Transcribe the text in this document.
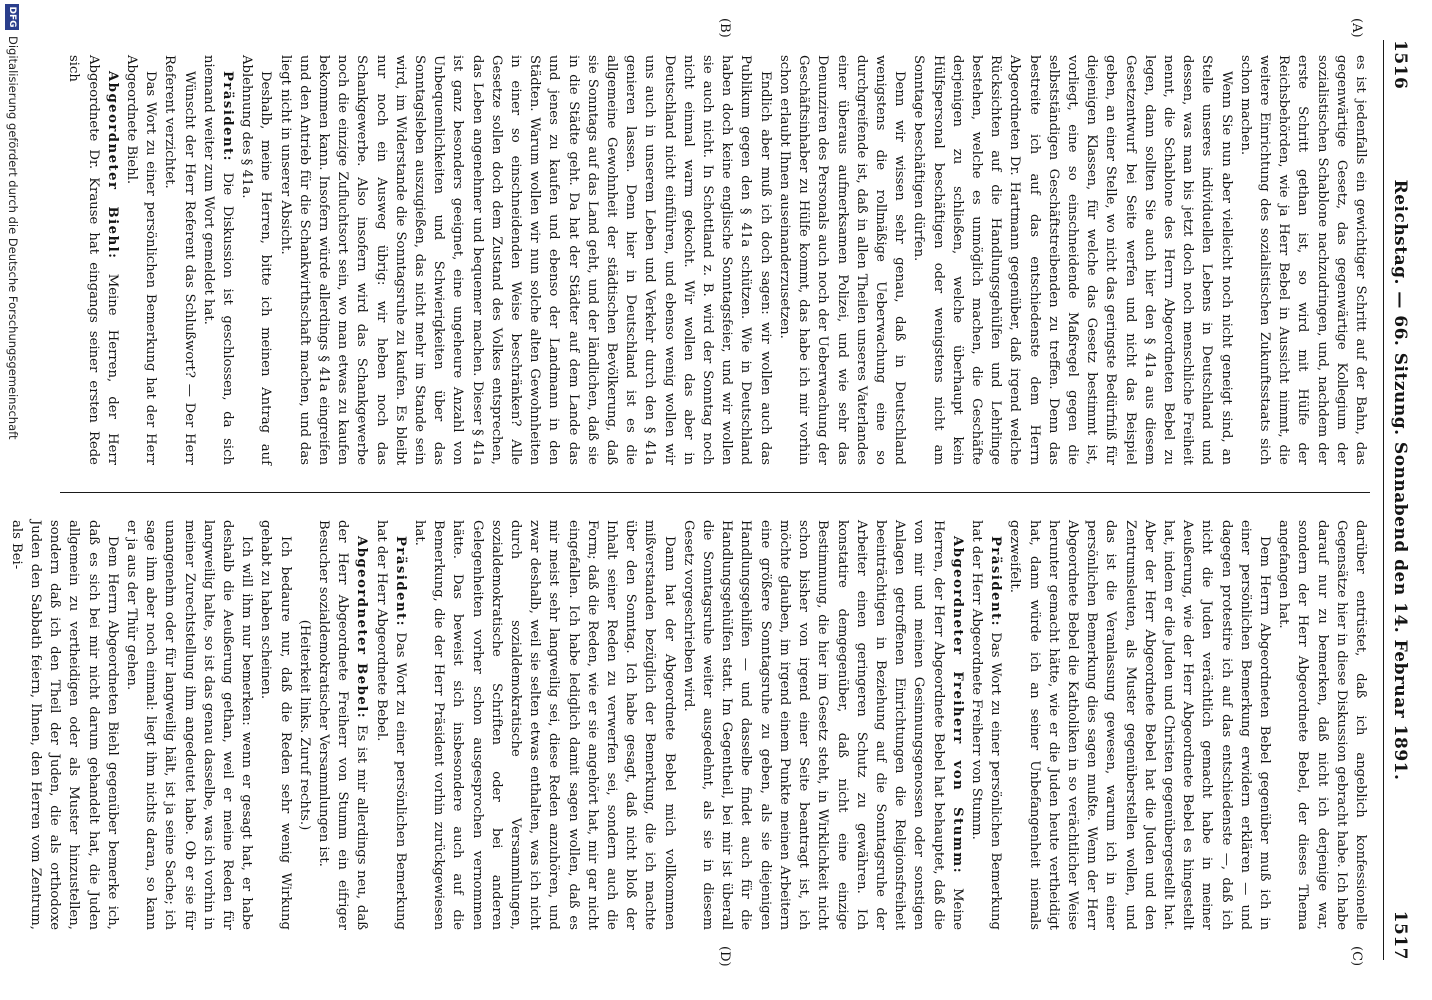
1516
Reichstag. — 66. Sitzung. Sonnabend den 14. Februar 1891.
1517
(A)
(B)
(C)
(D)

es ist jedenfalls ein gewichtiger Schritt auf der Bahn, das gegenwärtige Gesetz, das gegenwärtige Kollegium der sozialistischen Schablone nachzudringen, und, nachdem der erste Schritt gethan ist, so wird mit Hülfe der Reichsbehörden, wie ja Herr Bebel in Aussicht nimmt, die weitere Einrichtung des sozialistischen Zukunftsstaats sich schon machen.

Wenn Sie nun aber vielleicht noch nicht geneigt sind, an Stelle unseres individuellen Lebens in Deutschland und dessen, was man bis jetzt doch noch menschliche Freiheit nennt, die Schablone des Herrn Abgeordneten Bebel zu legen, dann sollten Sie auch hier den § 41a aus diesem Gesetzentwurf bei Seite werfen und nicht das Beispiel geben, an einer Stelle, wo nicht das geringste Bedürfniß für diejenigen Klassen, für welche das Gesetz bestimmt ist, vorliegt, eine so einschneidende Maßregel gegen die selbstständigen Geschäftstreibenden zu treffen. Denn das bestreite ich auf das entschiedenste dem Herrn Abgeordneten Dr. Hartmann gegenüber, daß irgend welche Rücksichten auf die Handlungsgehülfen und Lehrlinge bestehen, welche es unmöglich machen, die Geschäfte derjenigen zu schließen, welche überhaupt kein Hülfspersonal beschäftigen oder wenigstens nicht am Sonntage beschäftigen dürfen.

Denn wir wissen sehr genau, daß in Deutschland wenigstens die rollmäßige Ueberwachung eine so durchgreifende ist, daß in allen Theilen unseres Vaterlandes einer überaus aufmerksamen Polizei, und wie sehr das Denunziren des Personals auch noch der Ueberwachung der Geschäftsinhaber zu Hülfe kommt, das habe ich mir vorhin schon erlaubt Ihnen auseinanderzusetzen.

Endlich aber muß ich doch sagen: wir wollen auch das Publikum gegen den § 41a schützen. Wie in Deutschland haben doch keine englische Sonntagsfeier, und wir wollen sie auch nicht. In Schottland z. B. wird der Sonntag noch nicht einmal warm gekocht. Wir wollen das aber in Deutschland nicht einführen, und ebenso wenig wollen wir uns auch in unserem Leben und Verkehr durch den § 41a genieren lassen. Denn hier in Deutschland ist es die allgemeine Gewohnheit der städtischen Bevölkerung, daß sie Sonntags auf das Land geht, und der ländlichen, daß sie in die Städte geht. Da hat der Städter auf dem Lande das und jenes zu kaufen und ebenso der Landmann in den Städten. Warum wollen wir nun solche alten Gewohnheiten in einer so einschneidenden Weise beschränken? Alle Gesetze sollen doch dem Zustand des Volkes entsprechen, das Leben angenehmer und bequemer machen. Dieser § 41a ist ganz besonders geeignet, eine ungeheure Anzahl von Unbequemlichkeiten und Schwierigkeiten über das Sonntagsleben auszugießen, das nicht mehr im Stande sein wird, im Widerstande die Sonntagsruhe zu kaufen. Es bleibt nur noch ein Ausweg übrig: wir heben noch das Schankgewerbe. Also insofern wird das Schankgewerbe noch die einzige Zufluchtsort sein, wo man etwas zu kaufen bekommen kann. Insofern würde allerdings § 41a eingreifen und den Antrieb für die Schankwirthschaft machen, und das liegt nicht in unserer Absicht.

Deshalb, meine Herren, bitte ich meinen Antrag auf Ablehnung des § 41a.

Präsident: Die Diskussion ist geschlossen, da sich niemand weiter zum Wort gemeldet hat.

Wünscht der Herr Referent das Schlußwort? — Der Herr Referent verzichtet.

Das Wort zu einer persönlichen Bemerkung hat der Herr Abgeordnete Biehl.

Abgeordneter Biehl: Meine Herren, der Herr Abgeordnete Dr. Krause hat eingangs seiner ersten Rede sich

darüber entrüstet, daß ich angeblich konfessionelle Gegensätze hier in diese Diskussion gebracht habe. Ich habe darauf nur zu bemerken, daß nicht ich derjenige war, sondern der Herr Abgeordnete Bebel, der dieses Thema angefangen hat.

Dem Herrn Abgeordneten Bebel gegenüber muß ich in einer persönlichen Bemerkung erwidern erklären — und dagegen protestire ich auf das entschiedenste —, daß ich nicht die Juden verächtlich gemacht habe in meiner Aeußerung, wie der Herr Abgeordnete Bebel es hingestellt hat, indem er die Juden und Christen gegenübergestellt hat. Aber der Herr Abgeordnete Bebel hat die Juden und den Zentrumsleuten, als Muster gegenüberstellen wollen, und das ist die Veranlassung gewesen, warum ich in einer persönlichen Bemerkung dies sagen mußte. Wenn der Herr Abgeordnete Bebel die Katholiken in so verächtlicher Weise herunter gemacht hätte, wie er die Juden heute vertheidigt hat, dann würde ich an seiner Unbefangenheit niemals gezweifelt.

Präsident: Das Wort zu einer persönlichen Bemerkung hat der Herr Abgeordnete Freiherr von Stumm.

Abgeordneter Freiherr von Stumm: Meine Herren, der Herr Abgeordnete Bebel hat behauptet, daß die von mir und meinen Gesinnungsgenossen oder sonstigen Anlagen getroffenen Einrichtungen die Religionsfreiheit beeinträchtigen in Beziehung auf die Sonntagsruhe der Arbeiter einen geringeren Schutz zu gewähren. Ich konstatire demgegenüber, daß nicht eine einzige Bestimmung, die hier im Gesetz steht, in Wirklichkeit nicht schon bisher von irgend einer Seite beantragt ist, ich möchte glauben, im irgend einem Punkte meinen Arbeitern eine größere Sonntagsruhe zu geben, als sie diejenigen Handlungsgehilfen — und dasselbe findet auch für die Handlungsgehülfen statt. Im Gegentheil, bei mir ist überall die Sonntagsruhe weiter ausgedehnt, als sie in diesem Gesetz vorgeschrieben wird.

Dann hat der Abgeordnete Bebel mich vollkommen mißverstanden bezüglich der Bemerkung, die ich machte über den Sonntag. Ich habe gesagt, daß nicht bloß der Inhalt seiner Reden zu verwerfen sei, sondern auch die Form; daß die Reden, wie er sie angehört hat, mir gar nicht eingefallen. Ich habe lediglich damit sagen wollen, daß es mir meist sehr langweilig sei, diese Reden anzuhören, und zwar deshalb, weil sie selten etwas enthalten, was ich nicht durch sozialdemokratische Versammlungen, sozialdemokratische Schriften oder bei anderen Gelegenheiten vorher schon ausgesprochen vernommen hätte. Das beweist sich insbesondere auch auf die Bemerkung, die der Herr Präsident vorhin zurückgewiesen hat.

Präsident: Das Wort zu einer persönlichen Bemerkung hat der Herr Abgeordnete Bebel.

Abgeordneter Bebel: Es ist mir allerdings neu, daß der Herr Abgeordnete Freiherr von Stumm ein eifriger Besucher sozialdemokratischer Versammlungen ist.

(Heiterkeit links. Zuruf rechts.)

Ich bedaure nur, daß die Reden sehr wenig Wirkung gehabt zu haben scheinen.

Ich will ihm nur bemerken: wenn er gesagt hat, er habe deshalb die Aeußerung gethan, weil er meine Reden für langweilig halte, so ist das genau dasselbe, was ich vorhin in meiner Zurechtstellung ihm angedeutet habe. Ob er sie für unangenehm oder für langweilig hält, ist ja seine Sache; ich sage ihm aber noch einmal: liegt ihm nichts daran, so kann er ja aus der Thür gehen.

Dem Herrn Abgeordneten Biehl gegenüber bemerke ich, daß es sich bei mir nicht darum gehandelt hat, die Juden allgemein zu vertheidigen oder als Muster hinzustellen, sondern daß ich den Theil der Juden, die als orthodoxe Juden den Sabbath feiern, Ihnen, den Herren vom Zentrum, als Bei-

DFG
Digitalisierung gefördert durch die Deutsche Forschungsgemeinschaft
